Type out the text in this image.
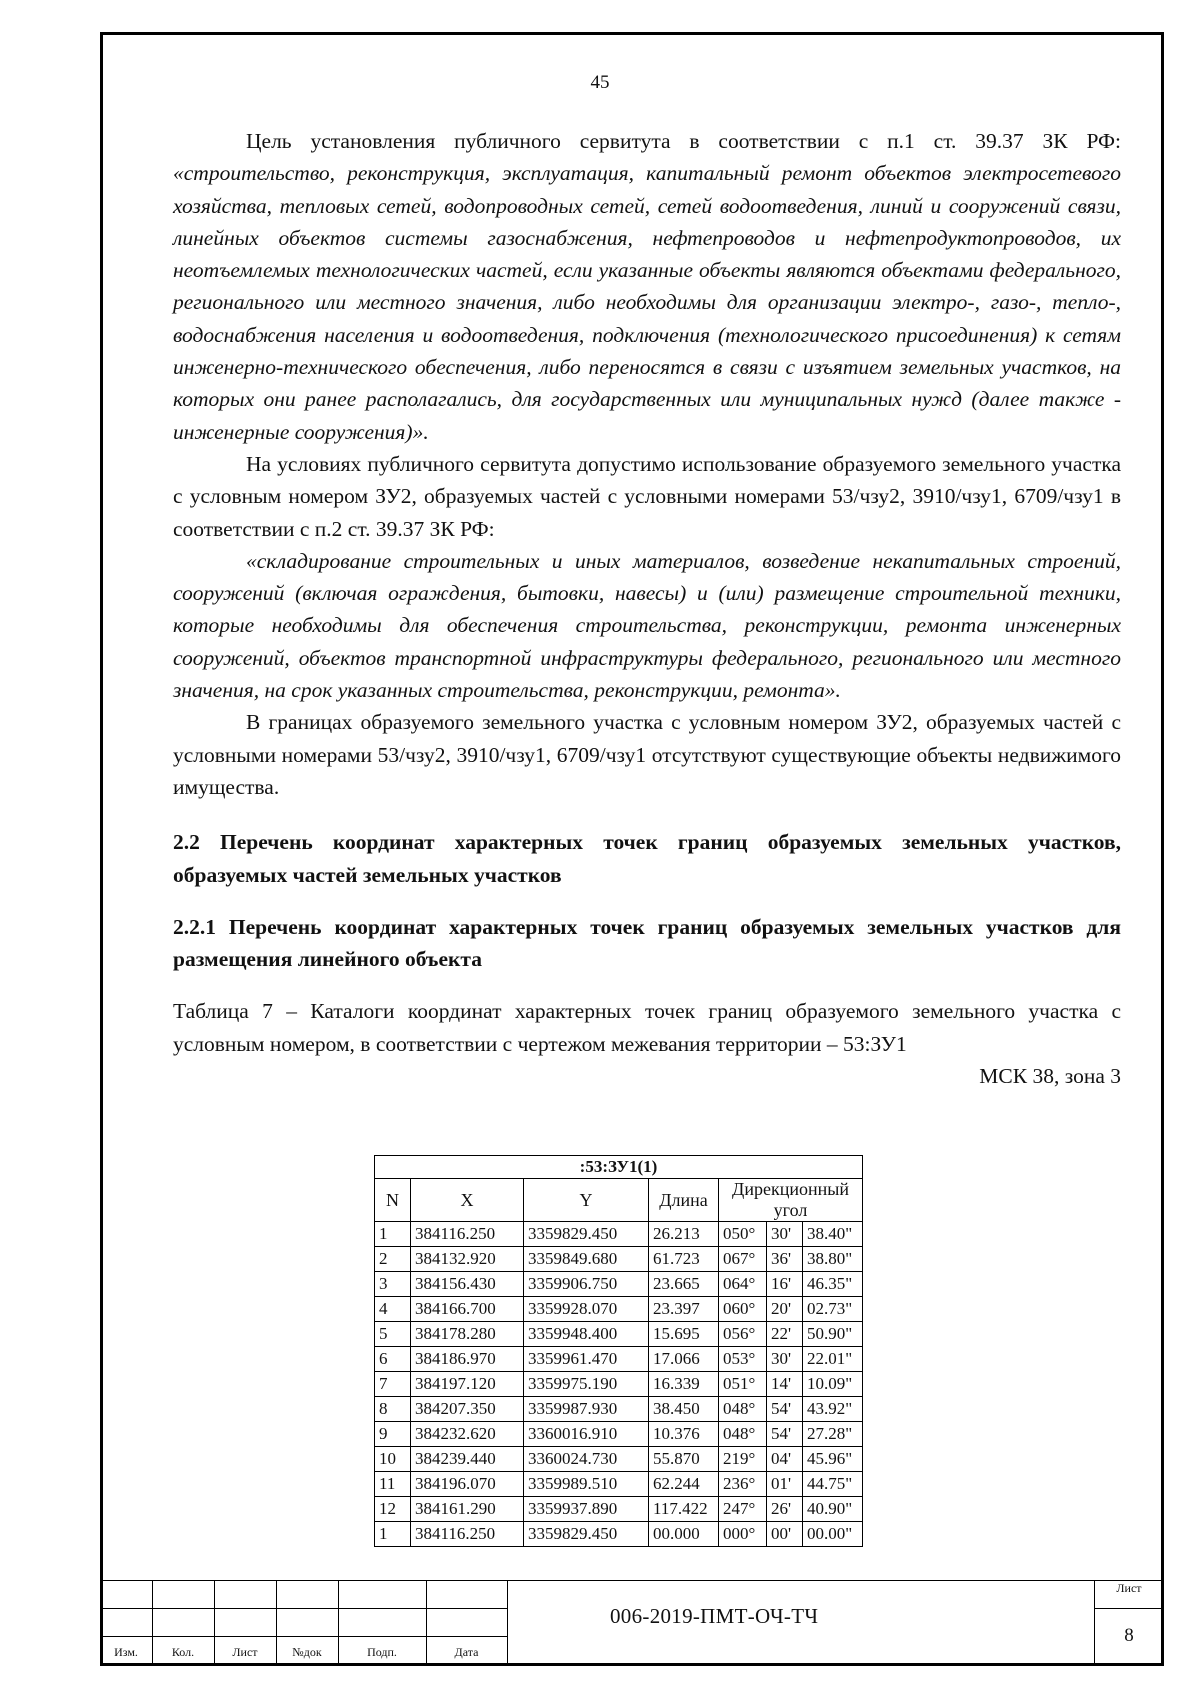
45

Цель установления публичного сервитута в соответствии с п.1 ст. 39.37 ЗК РФ: «строительство, реконструкция, эксплуатация, капитальный ремонт объектов электросетевого хозяйства, тепловых сетей, водопроводных сетей, сетей водоотведения, линий и сооружений связи, линейных объектов системы газоснабжения, нефтепроводов и нефтепродуктопроводов, их неотъемлемых технологических частей, если указанные объекты являются объектами федерального, регионального или местного значения, либо необходимы для организации электро-, газо-, тепло-, водоснабжения населения и водоотведения, подключения (технологического присоединения) к сетям инженерно-технического обеспечения, либо переносятся в связи с изъятием земельных участков, на которых они ранее располагались, для государственных или муниципальных нужд (далее также - инженерные сооружения)».

На условиях публичного сервитута допустимо использование образуемого земельного участка с условным номером ЗУ2, образуемых частей с условными номерами 53/чзу2, 3910/чзу1, 6709/чзу1 в соответствии с п.2 ст. 39.37 ЗК РФ:

«складирование строительных и иных материалов, возведение некапитальных строений, сооружений (включая ограждения, бытовки, навесы) и (или) размещение строительной техники, которые необходимы для обеспечения строительства, реконструкции, ремонта инженерных сооружений, объектов транспортной инфраструктуры федерального, регионального или местного значения, на срок указанных строительства, реконструкции, ремонта».

В границах образуемого земельного участка с условным номером ЗУ2, образуемых частей с условными номерами 53/чзу2, 3910/чзу1, 6709/чзу1 отсутствуют существующие объекты недвижимого имущества.

2.2 Перечень координат характерных точек границ образуемых земельных участков, образуемых частей земельных участков
2.2.1 Перечень координат характерных точек границ образуемых земельных участков для размещения линейного объекта

Таблица 7 – Каталоги координат характерных точек границ образуемого земельного участка с условным номером, в соответствии с чертежом межевания территории – 53:ЗУ1

МСК 38, зона 3

:53:ЗУ1(1)						
N	X	Y	Длина	Дирекционный угол		
1	384116.250	3359829.450	26.213	050°	30'	38.40"
2	384132.920	3359849.680	61.723	067°	36'	38.80"
3	384156.430	3359906.750	23.665	064°	16'	46.35"
4	384166.700	3359928.070	23.397	060°	20'	02.73"
5	384178.280	3359948.400	15.695	056°	22'	50.90"
6	384186.970	3359961.470	17.066	053°	30'	22.01"
7	384197.120	3359975.190	16.339	051°	14'	10.09"
8	384207.350	3359987.930	38.450	048°	54'	43.92"
9	384232.620	3360016.910	10.376	048°	54'	27.28"
10	384239.440	3360024.730	55.870	219°	04'	45.96"
11	384196.070	3359989.510	62.244	236°	01'	44.75"
12	384161.290	3359937.890	117.422	247°	26'	40.90"
1	384116.250	3359829.450	00.000	000°	00'	00.00"
Изм.	Кол.	Лист	№док	Подп.	Дата
006-2019-ПМТ-ОЧ-ТЧ
Лист
8
